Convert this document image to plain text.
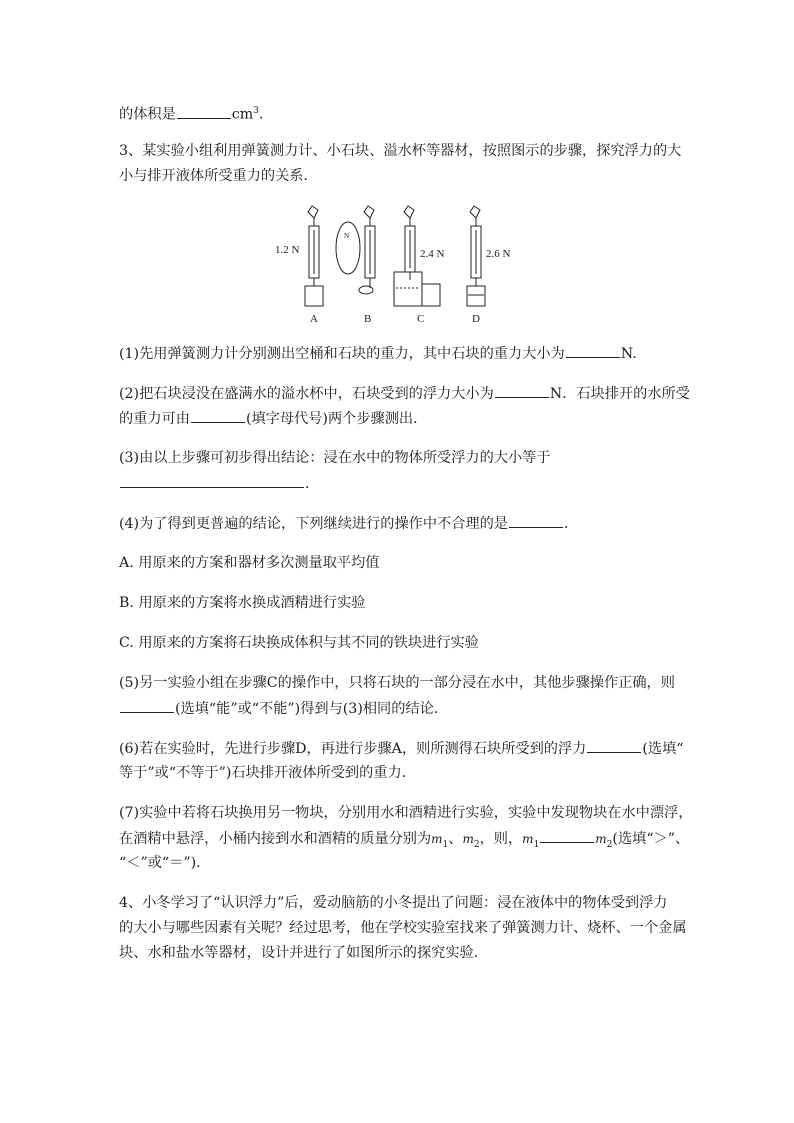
的体积是	$cm^3$.
3、某实验小组利用弹簧测力计、小石块、溢水杯等器材，按照图示的步骤，探究浮力的大
小与排开液体所受重力的关系．
1.2 N
N
2.4 N	2.6 N
A	B	C	D
(1)先用弹簧测力计分别测出空桶和石块的重力，其中石块的重力大小为	N.
(2)把石块浸没在盛满水的溢水杯中，石块受到的浮力大小为	N．石块排开的水所受
的重力可由	(填字母代号)两个步骤测出．
(3)由以上步骤可初步得出结论：浸在水中的物体所受浮力的大小等于
．
(4)为了得到更普遍的结论，下列继续进行的操作中不合理的是	．
A. 用原来的方案和器材多次测量取平均值
B. 用原来的方案将水换成酒精进行实验
C. 用原来的方案将石块换成体积与其不同的铁块进行实验
(5)另一实验小组在步骤C的操作中，只将石块的一部分浸在水中，其他步骤操作正确，则
(选填“能”或“不能”)得到与(3)相同的结论．
(6)若在实验时，先进行步骤D，再进行步骤A，则所测得石块所受到的浮力	(选填“
等于”或“不等于”)石块排开液体所受到的重力．
(7)实验中若将石块换用另一物块，分别用水和酒精进行实验，实验中发现物块在水中漂浮，
在酒精中悬浮，小桶内接到水和酒精的质量分别为$m_1$、$m_2$，则，$m_1$	$m_2$(选填“＞”、
“＜”或“＝”)．
4、小冬学习了“认识浮力”后，爱动脑筋的小冬提出了问题：浸在液体中的物体受到浮力
的大小与哪些因素有关呢？经过思考，他在学校实验室找来了弹簧测力计、烧杯、一个金属
块、水和盐水等器材，设计并进行了如图所示的探究实验．
